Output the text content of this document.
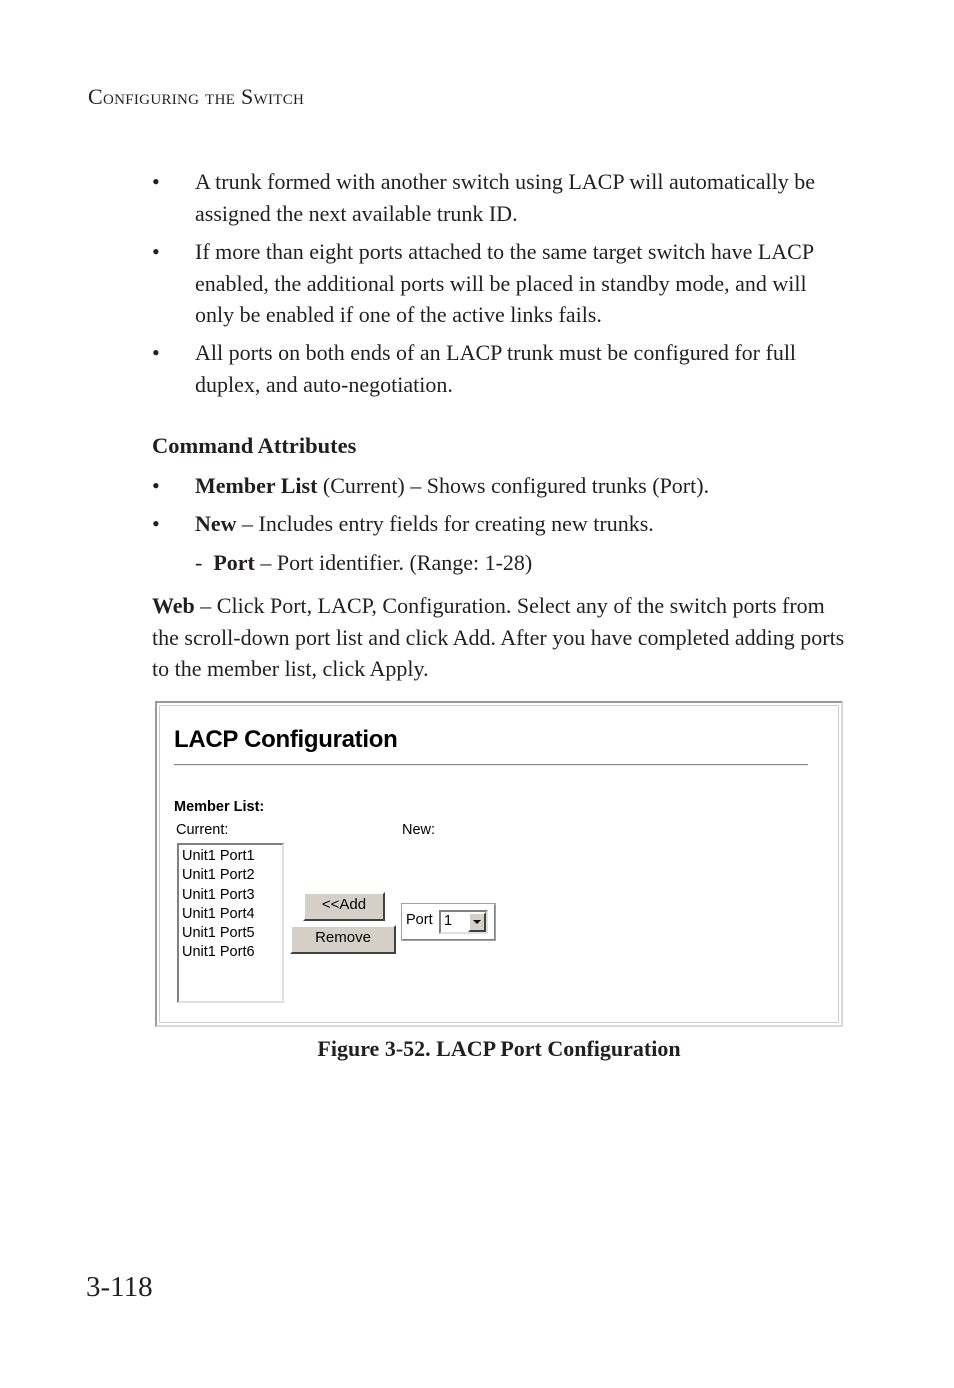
Configuring the Switch
• A trunk formed with another switch using LACP will automatically be assigned the next available trunk ID.
• If more than eight ports attached to the same target switch have LACP enabled, the additional ports will be placed in standby mode, and will only be enabled if one of the active links fails.
• All ports on both ends of an LACP trunk must be configured for full duplex, and auto-negotiation.
Command Attributes
• Member List (Current) – Shows configured trunks (Port).
• New – Includes entry fields for creating new trunks.
- Port – Port identifier. (Range: 1-28)
Web – Click Port, LACP, Configuration. Select any of the switch ports from the scroll-down port list and click Add. After you have completed adding ports to the member list, click Apply.
LACP Configuration
Member List:
Current:	New:
Unit1 Port1
Unit1 Port2
Unit1 Port3
Unit1 Port4
Unit1 Port5
Unit1 Port6
<<Add
Remove
Port 1
Figure 3-52. LACP Port Configuration
3-118
